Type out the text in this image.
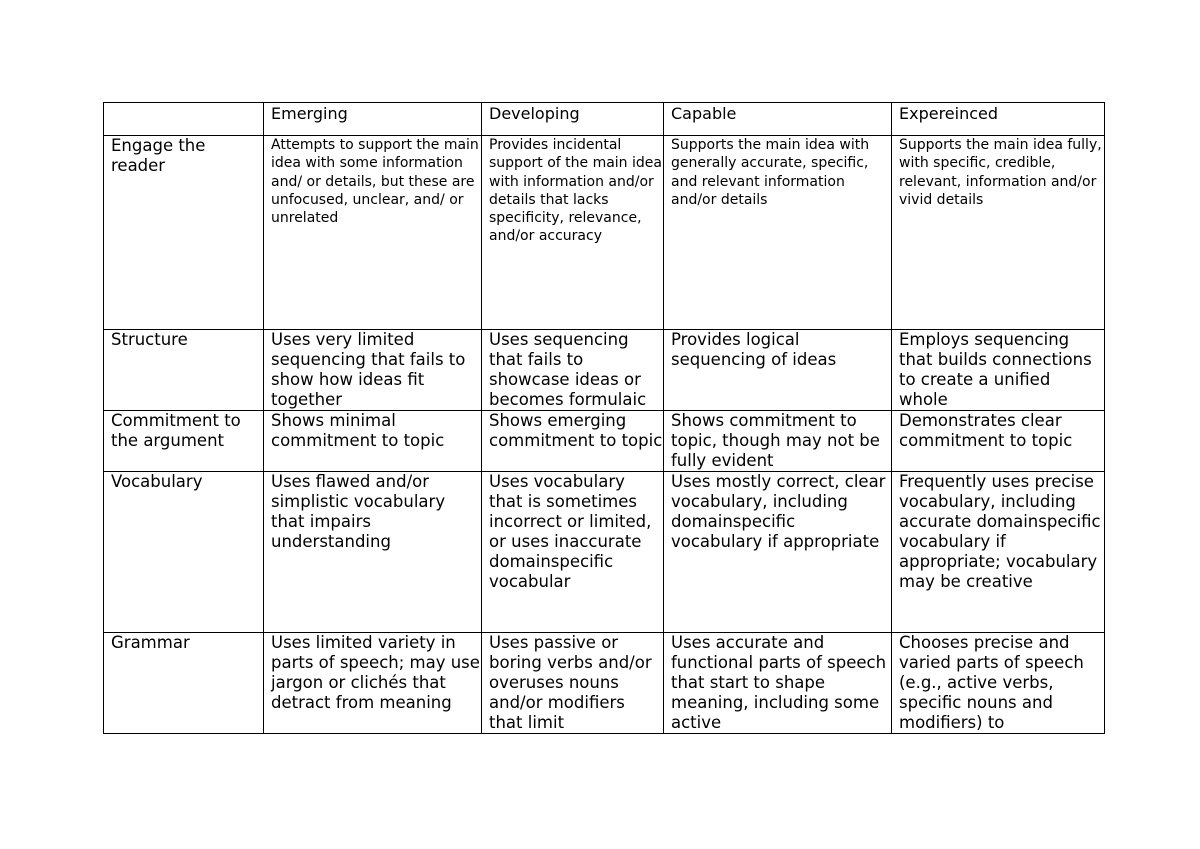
	Emerging	Developing	Capable	Expereinced

Engage the reader	Attempts to support the main idea with some information and/ or details, but these are unfocused, unclear, and/ or unrelated	Provides incidental support of the main idea with information and/or details that lacks specificity, relevance, and/or accuracy	Supports the main idea with generally accurate, specific, and relevant information and/or details	Supports the main idea fully, with specific, credible, relevant, information and/or vivid details

Structure	Uses very limited sequencing that fails to show how ideas fit together	Uses sequencing that fails to showcase ideas or becomes formulaic	Provides logical sequencing of ideas	Employs sequencing that builds connections to create a unified whole

Commitment to the argument	Shows minimal commitment to topic	Shows emerging commitment to topic	Shows commitment to topic, though may not be fully evident	Demonstrates clear commitment to topic

Vocabulary	Uses flawed and/or simplistic vocabulary that impairs understanding	Uses vocabulary that is sometimes incorrect or limited, or uses inaccurate domainspecific vocabular	Uses mostly correct, clear vocabulary, including domainspecific vocabulary if appropriate	Frequently uses precise vocabulary, including accurate domainspecific vocabulary if appropriate; vocabulary may be creative

Grammar	Uses limited variety in parts of speech; may use jargon or clichés that detract from meaning	Uses passive or boring verbs and/or overuses nouns and/or modifiers that limit	Uses accurate and functional parts of speech that start to shape meaning, including some active	Chooses precise and varied parts of speech (e.g., active verbs, specific nouns and modifiers) to
